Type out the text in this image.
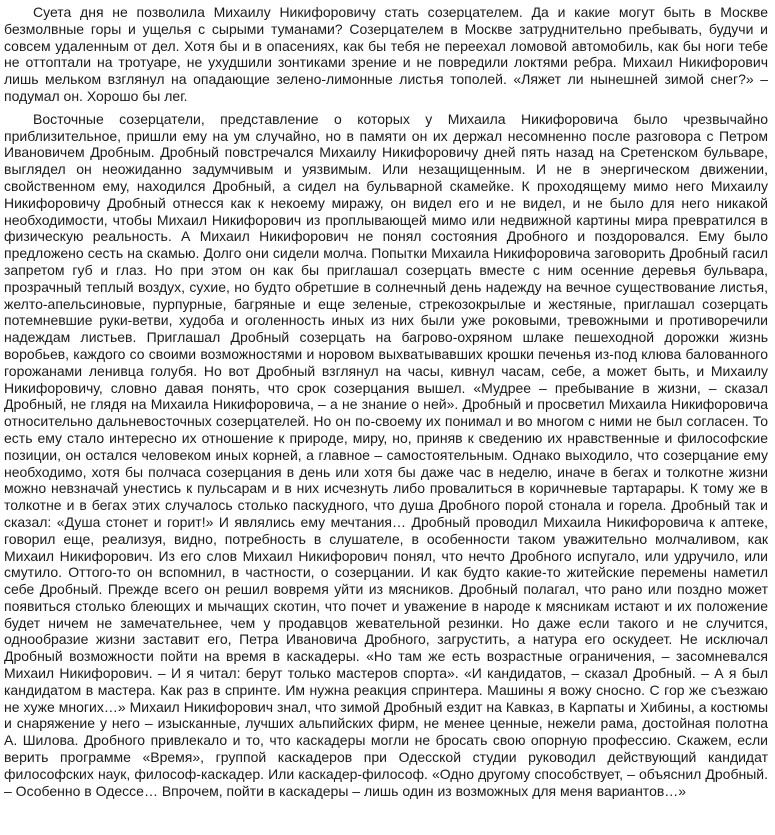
Суета дня не позволила Михаилу Никифоровичу стать созерцателем. Да и какие могут быть в Москве безмолвные горы и ущелья с сырыми туманами? Созерцателем в Москве затруднительно пребывать, будучи и совсем удаленным от дел. Хотя бы и в опасениях, как бы тебя не переехал ломовой автомобиль, как бы ноги тебе не оттоптали на тротуаре, не ухудшили зонтиками зрение и не повредили локтями ребра. Михаил Никифорович лишь мельком взглянул на опадающие зелено-лимонные листья тополей. «Ляжет ли нынешней зимой снег?» – подумал он. Хорошо бы лег.

Восточные созерцатели, представление о которых у Михаила Никифоровича было чрезвычайно приблизительное, пришли ему на ум случайно, но в памяти он их держал несомненно после разговора с Петром Ивановичем Дробным. Дробный повстречался Михаилу Никифоровичу дней пять назад на Сретенском бульваре, выглядел он неожиданно задумчивым и уязвимым. Или незащищенным. И не в энергическом движении, свойственном ему, находился Дробный, а сидел на бульварной скамейке. К проходящему мимо него Михаилу Никифоровичу Дробный отнесся как к некоему миражу, он видел его и не видел, и не было для него никакой необходимости, чтобы Михаил Никифорович из проплывающей мимо или недвижной картины мира превратился в физическую реальность. А Михаил Никифорович не понял состояния Дробного и поздоровался. Ему было предложено сесть на скамью. Долго они сидели молча. Попытки Михаила Никифоровича заговорить Дробный гасил запретом губ и глаз. Но при этом он как бы приглашал созерцать вместе с ним осенние деревья бульвара, прозрачный теплый воздух, сухие, но будто обретшие в солнечный день надежду на вечное существование листья, желто-апельсиновые, пурпурные, багряные и еще зеленые, стрекозокрылые и жестяные, приглашал созерцать потемневшие руки-ветви, худоба и оголенность иных из них были уже роковыми, тревожными и противоречили надеждам листьев. Приглашал Дробный созерцать на багрово-охряном шлаке пешеходной дорожки жизнь воробьев, каждого со своими возможностями и норовом выхватывавших крошки печенья из-под клюва балованного горожанами ленивца голубя. Но вот Дробный взглянул на часы, кивнул часам, себе, а может быть, и Михаилу Никифоровичу, словно давая понять, что срок созерцания вышел. «Мудрее – пребывание в жизни, – сказал Дробный, не глядя на Михаила Никифоровича, – а не знание о ней». Дробный и просветил Михаила Никифоровича относительно дальневосточных созерцателей. Но он по-своему их понимал и во многом с ними не был согласен. То есть ему стало интересно их отношение к природе, миру, но, приняв к сведению их нравственные и философские позиции, он остался человеком иных корней, а главное – самостоятельным. Однако выходило, что созерцание ему необходимо, хотя бы полчаса созерцания в день или хотя бы даже час в неделю, иначе в бегах и толкотне жизни можно невзначай унестись к пульсарам и в них исчезнуть либо провалиться в коричневые тартарары. К тому же в толкотне и в бегах этих случалось столько паскудного, что душа Дробного порой стонала и горела. Дробный так и сказал: «Душа стонет и горит!» И являлись ему мечтания… Дробный проводил Михаила Никифоровича к аптеке, говорил еще, реализуя, видно, потребность в слушателе, в особенности таком уважительно молчаливом, как Михаил Никифорович. Из его слов Михаил Никифорович понял, что нечто Дробного испугало, или удручило, или смутило. Оттого-то он вспомнил, в частности, о созерцании. И как будто какие-то житейские перемены наметил себе Дробный. Прежде всего он решил вовремя уйти из мясников. Дробный полагал, что рано или поздно может появиться столько блеющих и мычащих скотин, что почет и уважение в народе к мясникам истают и их положение будет ничем не замечательнее, чем у продавцов жевательной резинки. Но даже если такого и не случится, однообразие жизни заставит его, Петра Ивановича Дробного, загрустить, а натура его оскудеет. Не исключал Дробный возможности пойти на время в каскадеры. «Но там же есть возрастные ограничения, – засомневался Михаил Никифорович. – И я читал: берут только мастеров спорта». «И кандидатов, – сказал Дробный. – А я был кандидатом в мастера. Как раз в спринте. Им нужна реакция спринтера. Машины я вожу сносно. С гор же съезжаю не хуже многих…» Михаил Никифорович знал, что зимой Дробный ездит на Кавказ, в Карпаты и Хибины, а костюмы и снаряжение у него – изысканные, лучших альпийских фирм, не менее ценные, нежели рама, достойная полотна А. Шилова. Дробного привлекало и то, что каскадеры могли не бросать свою опорную профессию. Скажем, если верить программе «Время», группой каскадеров при Одесской студии руководил действующий кандидат философских наук, философ-каскадер. Или каскадер-философ. «Одно другому способствует, – объяснил Дробный. – Особенно в Одессе… Впрочем, пойти в каскадеры – лишь один из возможных для меня вариантов…»
